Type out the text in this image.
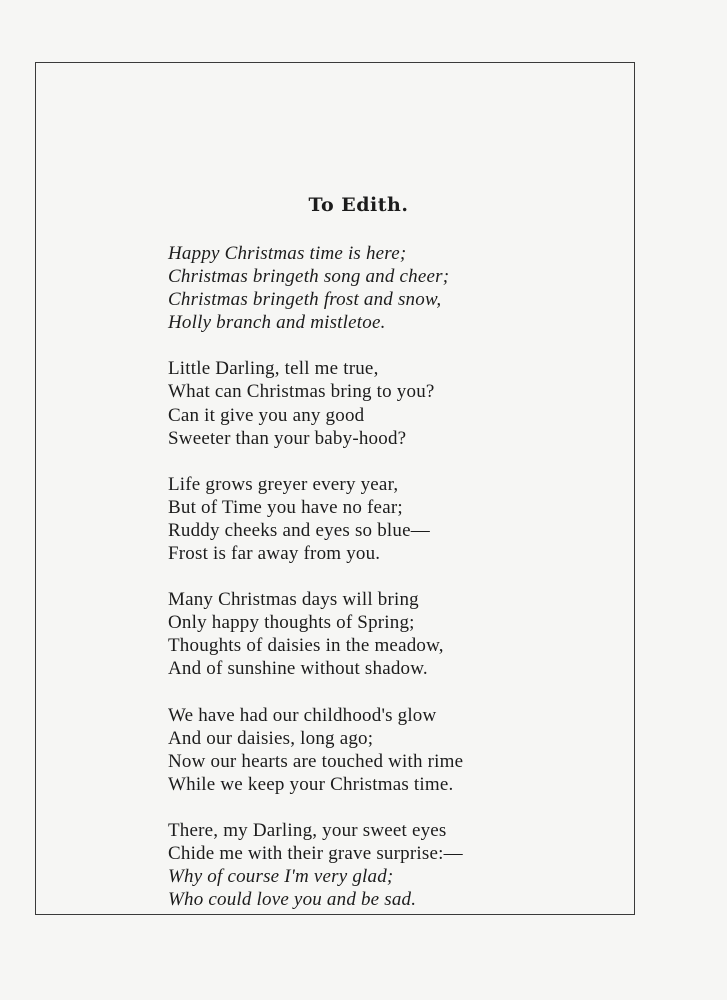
To Edith.
Happy Christmas time is here;
Christmas bringeth song and cheer;
Christmas bringeth frost and snow,
Holly branch and mistletoe.
Little Darling, tell me true,
What can Christmas bring to you?
Can it give you any good
Sweeter than your baby-hood?
Life grows greyer every year,
But of Time you have no fear;
Ruddy cheeks and eyes so blue—
Frost is far away from you.
Many Christmas days will bring
Only happy thoughts of Spring;
Thoughts of daisies in the meadow,
And of sunshine without shadow.
We have had our childhood's glow
And our daisies, long ago;
Now our hearts are touched with rime
While we keep your Christmas time.
There, my Darling, your sweet eyes
Chide me with their grave surprise:—
Why of course I'm very glad;
Who could love you and be sad.
